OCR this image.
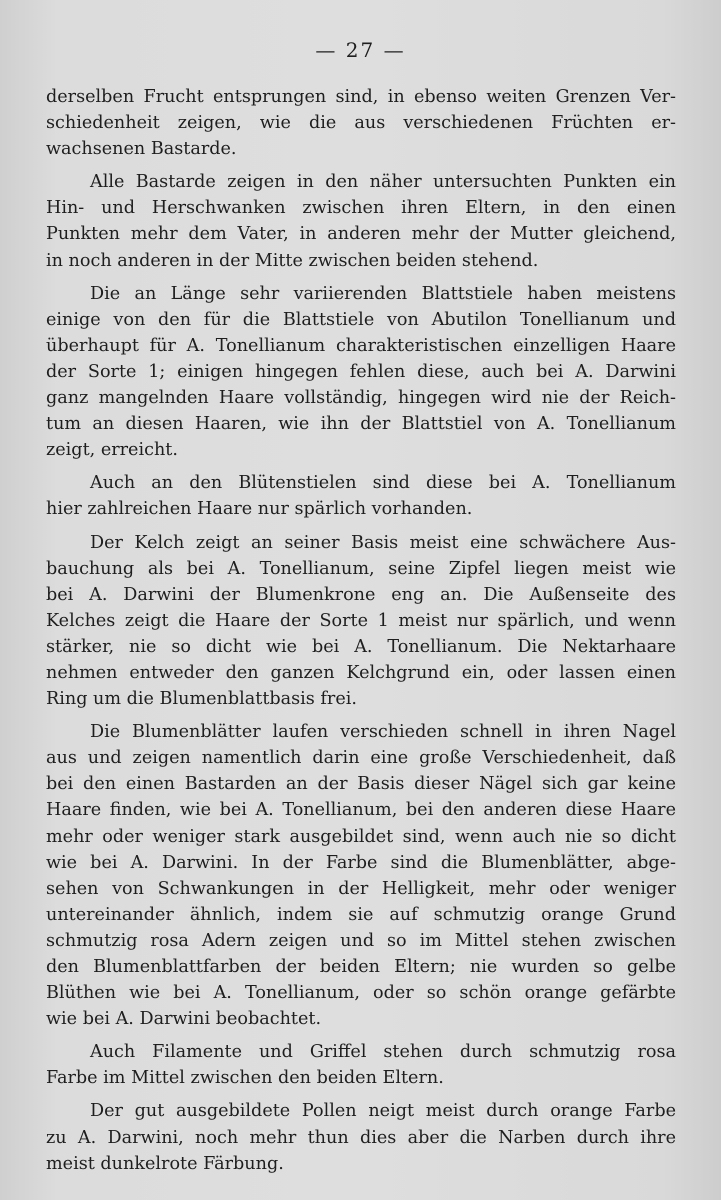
— 27 —
derselben Frucht entsprungen sind, in ebenso weiten Grenzen Ver-
schiedenheit zeigen, wie die aus verschiedenen Früchten er-
wachsenen Bastarde.
Alle Bastarde zeigen in den näher untersuchten Punkten ein
Hin- und Herschwanken zwischen ihren Eltern, in den einen
Punkten mehr dem Vater, in anderen mehr der Mutter gleichend,
in noch anderen in der Mitte zwischen beiden stehend.
Die an Länge sehr variierenden Blattstiele haben meistens
einige von den für die Blattstiele von Abutilon Tonellianum und
überhaupt für A. Tonellianum charakteristischen einzelligen Haare
der Sorte 1; einigen hingegen fehlen diese, auch bei A. Darwini
ganz mangelnden Haare vollständig, hingegen wird nie der Reich-
tum an diesen Haaren, wie ihn der Blattstiel von A. Tonellianum
zeigt, erreicht.
Auch an den Blütenstielen sind diese bei A. Tonellianum
hier zahlreichen Haare nur spärlich vorhanden.
Der Kelch zeigt an seiner Basis meist eine schwächere Aus-
bauchung als bei A. Tonellianum, seine Zipfel liegen meist wie
bei A. Darwini der Blumenkrone eng an. Die Außenseite des
Kelches zeigt die Haare der Sorte 1 meist nur spärlich, und wenn
stärker, nie so dicht wie bei A. Tonellianum. Die Nektarhaare
nehmen entweder den ganzen Kelchgrund ein, oder lassen einen
Ring um die Blumenblattbasis frei.
Die Blumenblätter laufen verschieden schnell in ihren Nagel
aus und zeigen namentlich darin eine große Verschiedenheit, daß
bei den einen Bastarden an der Basis dieser Nägel sich gar keine
Haare finden, wie bei A. Tonellianum, bei den anderen diese Haare
mehr oder weniger stark ausgebildet sind, wenn auch nie so dicht
wie bei A. Darwini. In der Farbe sind die Blumenblätter, abge-
sehen von Schwankungen in der Helligkeit, mehr oder weniger
untereinander ähnlich, indem sie auf schmutzig orange Grund
schmutzig rosa Adern zeigen und so im Mittel stehen zwischen
den Blumenblattfarben der beiden Eltern; nie wurden so gelbe
Blüthen wie bei A. Tonellianum, oder so schön orange gefärbte
wie bei A. Darwini beobachtet.
Auch Filamente und Griffel stehen durch schmutzig rosa
Farbe im Mittel zwischen den beiden Eltern.
Der gut ausgebildete Pollen neigt meist durch orange Farbe
zu A. Darwini, noch mehr thun dies aber die Narben durch ihre
meist dunkelrote Färbung.
